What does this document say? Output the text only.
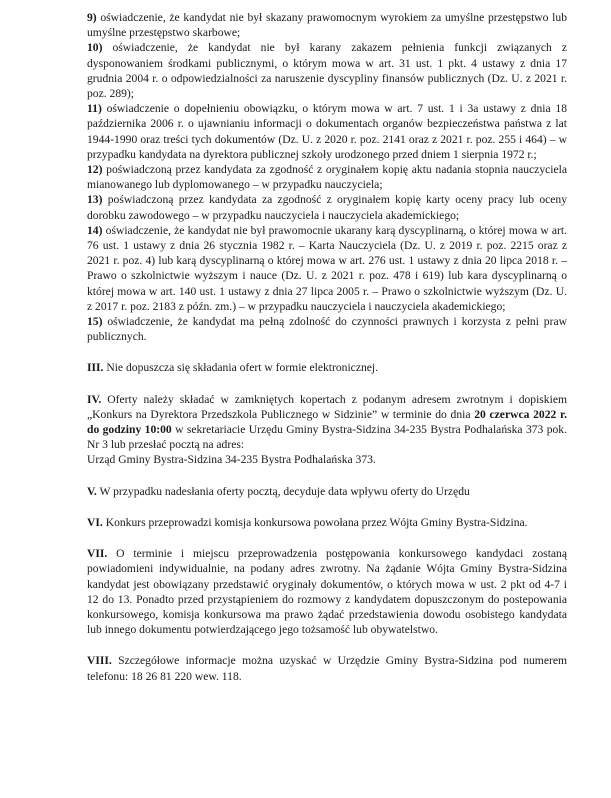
9) oświadczenie, że kandydat nie był skazany prawomocnym wyrokiem za umyślne przestępstwo lub umyślne przestępstwo skarbowe;

10) oświadczenie, że kandydat nie był karany zakazem pełnienia funkcji związanych z dysponowaniem środkami publicznymi, o którym mowa w art. 31 ust. 1 pkt. 4 ustawy z dnia 17 grudnia 2004 r. o odpowiedzialności za naruszenie dyscypliny finansów publicznych (Dz. U. z 2021 r. poz. 289);

11) oświadczenie o dopełnieniu obowiązku, o którym mowa w art. 7 ust. 1 i 3a ustawy z dnia 18 października 2006 r. o ujawnianiu informacji o dokumentach organów bezpieczeństwa państwa z lat 1944-1990 oraz treści tych dokumentów (Dz. U. z 2020 r. poz. 2141 oraz z 2021 r. poz. 255 i 464) – w przypadku kandydata na dyrektora publicznej szkoły urodzonego przed dniem 1 sierpnia 1972 r.;

12) poświadczoną przez kandydata za zgodność z oryginałem kopię aktu nadania stopnia nauczyciela mianowanego lub dyplomowanego – w przypadku nauczyciela;

13) poświadczoną przez kandydata za zgodność z oryginałem kopię karty oceny pracy lub oceny dorobku zawodowego – w przypadku nauczyciela i nauczyciela akademickiego;

14) oświadczenie, że kandydat nie był prawomocnie ukarany karą dyscyplinarną, o której mowa w art. 76 ust. 1 ustawy z dnia 26 stycznia 1982 r. – Karta Nauczyciela (Dz. U. z 2019 r. poz. 2215 oraz z 2021 r. poz. 4) lub karą dyscyplinarną o której mowa w art. 276 ust. 1 ustawy z dnia 20 lipca 2018 r. – Prawo o szkolnictwie wyższym i nauce (Dz. U. z 2021 r. poz. 478 i 619) lub kara dyscyplinarną o której mowa w art. 140 ust. 1 ustawy z dnia 27 lipca 2005 r. – Prawo o szkolnictwie wyższym (Dz. U. z 2017 r. poz. 2183 z późn. zm.) – w przypadku nauczyciela i nauczyciela akademickiego;

15) oświadczenie, że kandydat ma pełną zdolność do czynności prawnych i korzysta z pełni praw publicznych.

III. Nie dopuszcza się składania ofert w formie elektronicznej.

IV. Oferty należy składać w zamkniętych kopertach z podanym adresem zwrotnym i dopiskiem „Konkurs na Dyrektora Przedszkola Publicznego w Sidzinie” w terminie do dnia 20 czerwca 2022 r. do godziny 10:00 w sekretariacie Urzędu Gminy Bystra-Sidzina 34-235 Bystra Podhalańska 373 pok. Nr 3 lub przesłać pocztą na adres:

Urząd Gminy Bystra-Sidzina 34-235 Bystra Podhalańska 373.

V. W przypadku nadesłania oferty pocztą, decyduje data wpływu oferty do Urzędu

VI. Konkurs przeprowadzi komisja konkursowa powołana przez Wójta Gminy Bystra-Sidzina.

VII. O terminie i miejscu przeprowadzenia postępowania konkursowego kandydaci zostaną powiadomieni indywidualnie, na podany adres zwrotny. Na żądanie Wójta Gminy Bystra-Sidzina kandydat jest obowiązany przedstawić oryginały dokumentów, o których mowa w ust. 2 pkt od 4-7 i 12 do 13. Ponadto przed przystąpieniem do rozmowy z kandydatem dopuszczonym do postepowania konkursowego, komisja konkursowa ma prawo żądać przedstawienia dowodu osobistego kandydata lub innego dokumentu potwierdzającego jego tożsamość lub obywatelstwo.

VIII. Szczegółowe informacje można uzyskać w Urzędzie Gminy Bystra-Sidzina pod numerem telefonu: 18 26 81 220 wew. 118.
